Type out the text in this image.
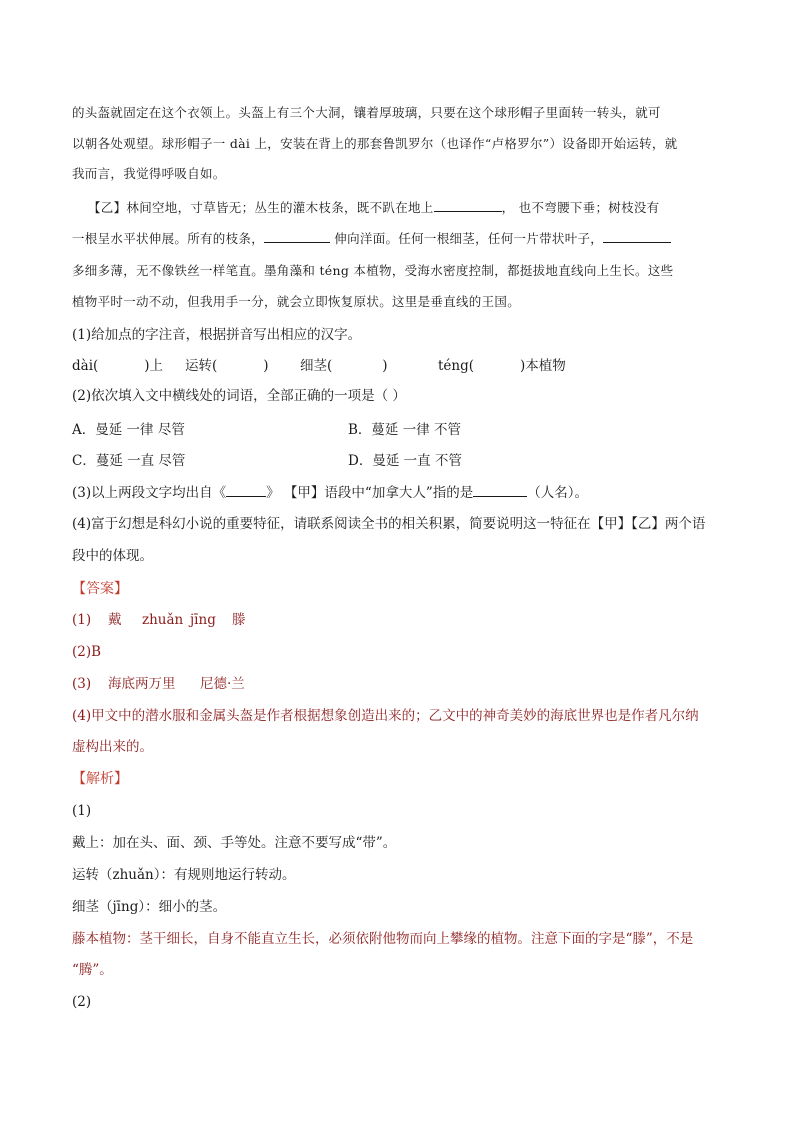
的头盔就固定在这个衣领上。头盔上有三个大洞，镶着厚玻璃，只要在这个球形帽子里面转一转头，就可
以朝各处观望。球形帽子一 dài 上，安装在背上的那套鲁凯罗尔（也译作“卢格罗尔”）设备即开始运转，就
我而言，我觉得呼吸自如。
【乙】林间空地，寸草皆无；丛生的灌木枝条，既不趴在地上	， 也不弯腰下垂；树枝没有
一根呈水平状伸展。所有的枝条，	伸向洋面。任何一根细茎，任何一片带状叶子，
多细多薄，无不像铁丝一样笔直。墨角藻和 téng 本植物，受海水密度控制，都挺拔地直线向上生长。这些
植物平时一动不动，但我用手一分，就会立即恢复原状。这里是垂直线的王国。
(1)给加点的字注音，根据拼音写出相应的汉字。
dài(	)上 运转(	) 细茎(	)	téng(	)本植物
(2)依次填入文中横线处的词语，全部正确的一项是（ ）
A．曼延 一律 尽管	B．蔓延 一律 不管
C．蔓延 一直 尽管	D．曼延 一直 不管
(3)以上两段文字均出自《	》 【甲】语段中“加拿大人”指的是	（人名）。
(4)富于幻想是科幻小说的重要特征，请联系阅读全书的相关积累，简要说明这一特征在【甲】【乙】两个语
段中的体现。
【答案】
(1) 戴 zhuǎn jīng 滕
(2)B
(3) 海底两万里 尼德·兰
(4)甲文中的潜水服和金属头盔是作者根据想象创造出来的；乙文中的神奇美妙的海底世界也是作者凡尔纳
虚构出来的。
【解析】
(1)
戴上：加在头、面、颈、手等处。注意不要写成“带”。
运转（zhuǎn）：有规则地运行转动。
细茎（jīng）：细小的茎。
藤本植物：茎干细长，自身不能直立生长，必须依附他物而向上攀缘的植物。注意下面的字是“滕”，不是
“腾”。
(2)
